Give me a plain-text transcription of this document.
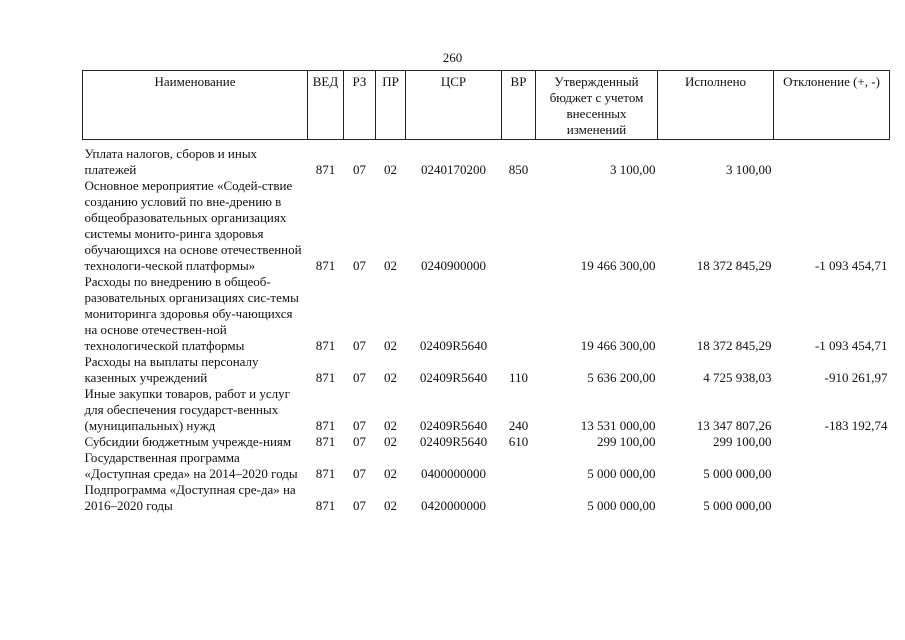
260
Наименование	ВЕД	РЗ	ПР	ЦСР	ВР	Утвержденный бюджет с учетом внесенных изменений	Исполнено	Отклонение (+, -)

Уплата налогов, сборов и иных платежей	871	07	02	0240170200	850	3 100,00	3 100,00	
Основное мероприятие «Содей-ствие созданию условий по вне-дрению в общеобразовательных организациях системы монито-ринга здоровья обучающихся на основе отечественной технологи-ческой платформы»	871	07	02	0240900000		19 466 300,00	18 372 845,29	-1 093 454,71
Расходы по внедрению в общеоб-разовательных организациях сис-темы мониторинга здоровья обу-чающихся на основе отечествен-ной технологической платформы	871	07	02	02409R5640		19 466 300,00	18 372 845,29	-1 093 454,71
Расходы на выплаты персоналу казенных учреждений	871	07	02	02409R5640	110	5 636 200,00	4 725 938,03	-910 261,97
Иные закупки товаров, работ и услуг для обеспечения государст-венных (муниципальных) нужд	871	07	02	02409R5640	240	13 531 000,00	13 347 807,26	-183 192,74
Субсидии бюджетным учрежде-ниям	871	07	02	02409R5640	610	299 100,00	299 100,00	
Государственная программа «Доступная среда» на 2014–2020 годы	871	07	02	0400000000		5 000 000,00	5 000 000,00	
Подпрограмма «Доступная сре-да» на 2016–2020 годы	871	07	02	0420000000		5 000 000,00	5 000 000,00	
